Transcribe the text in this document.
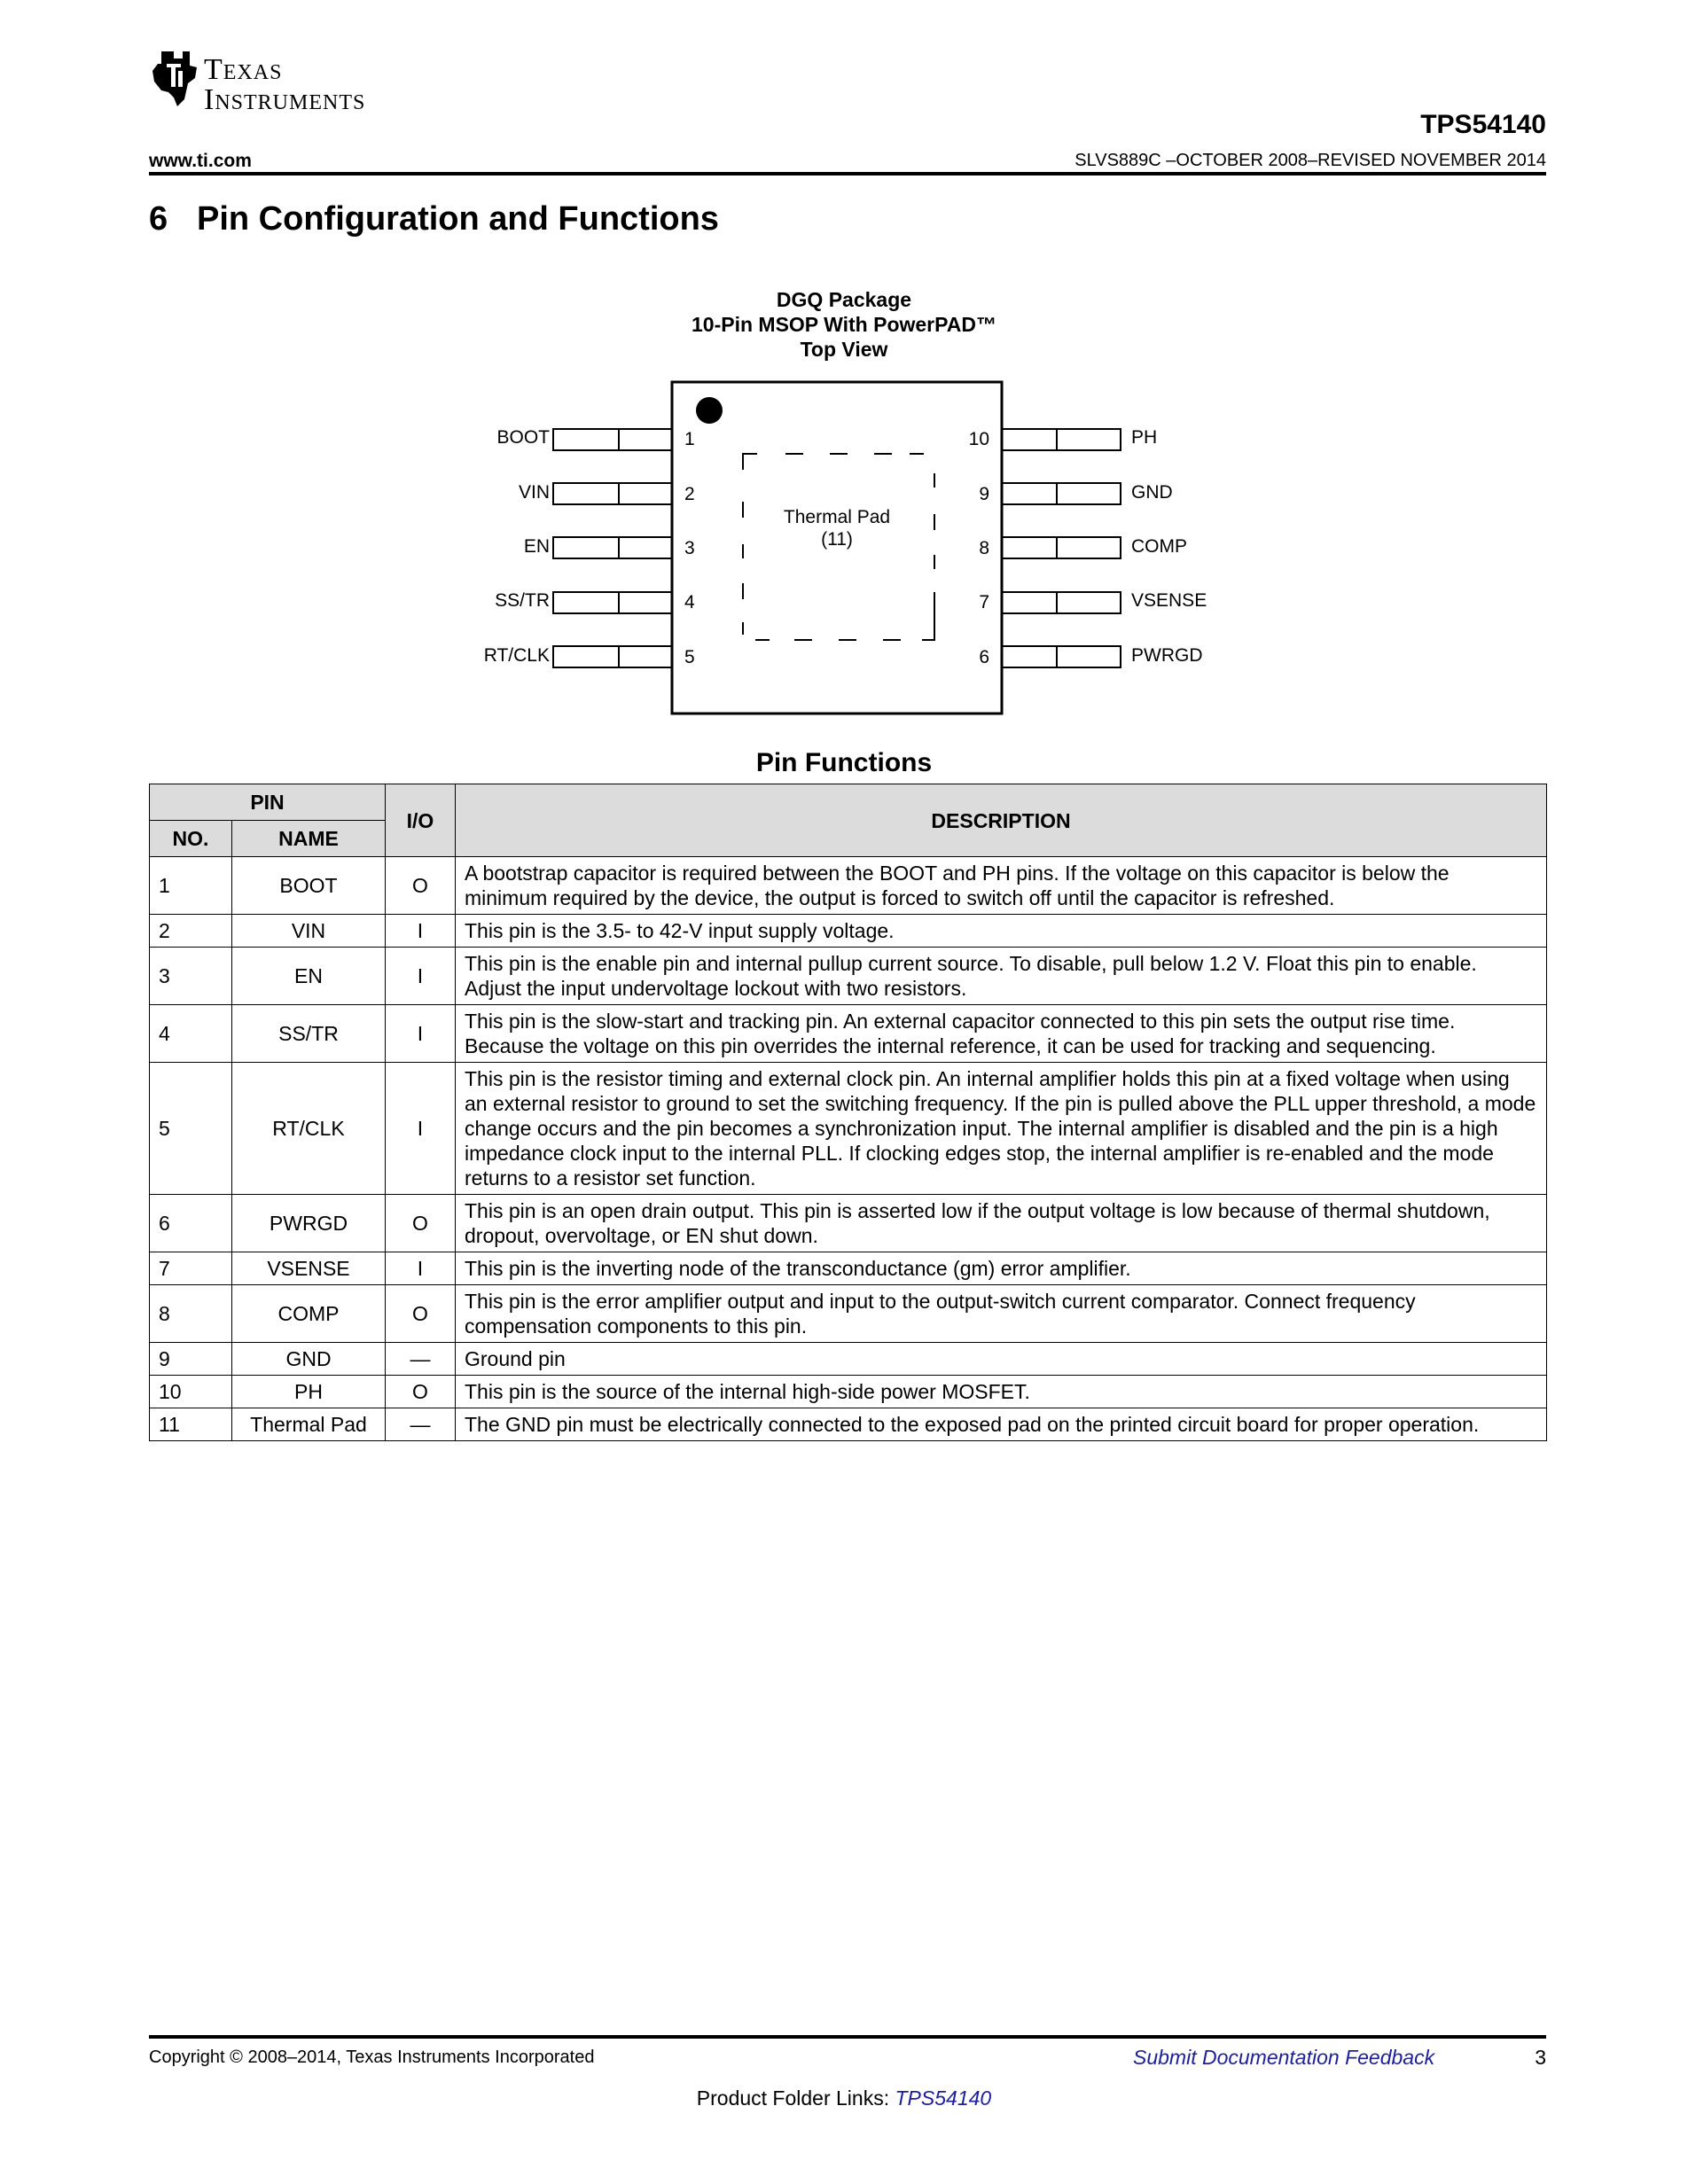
Texas
Instruments
TPS54140
www.ti.com	SLVS889C –OCTOBER 2008–REVISED NOVEMBER 2014
6 Pin Configuration and Functions
DGQ Package
10-Pin MSOP With PowerPAD™
Top View
Thermal Pad
(11)
BOOT	1
VIN	2
EN	3
SS/TR	4
RT/CLK	5
10	PH
9	GND
8	COMP
7	VSENSE
6	PWRGD
Pin Functions
PIN		I/O	DESCRIPTION
NO.	NAME		
1	BOOT	O	A bootstrap capacitor is required between the BOOT and PH pins. If the voltage on this capacitor is below the minimum required by the device, the output is forced to switch off until the capacitor is refreshed.
2	VIN	I	This pin is the 3.5- to 42-V input supply voltage.
3	EN	I	This pin is the enable pin and internal pullup current source. To disable, pull below 1.2 V. Float this pin to enable. Adjust the input undervoltage lockout with two resistors.
4	SS/TR	I	This pin is the slow-start and tracking pin. An external capacitor connected to this pin sets the output rise time. Because the voltage on this pin overrides the internal reference, it can be used for tracking and sequencing.
5	RT/CLK	I	This pin is the resistor timing and external clock pin. An internal amplifier holds this pin at a fixed voltage when using an external resistor to ground to set the switching frequency. If the pin is pulled above the PLL upper threshold, a mode change occurs and the pin becomes a synchronization input. The internal amplifier is disabled and the pin is a high impedance clock input to the internal PLL. If clocking edges stop, the internal amplifier is re-enabled and the mode returns to a resistor set function.
6	PWRGD	O	This pin is an open drain output. This pin is asserted low if the output voltage is low because of thermal shutdown, dropout, overvoltage, or EN shut down.
7	VSENSE	I	This pin is the inverting node of the transconductance (gm) error amplifier.
8	COMP	O	This pin is the error amplifier output and input to the output-switch current comparator. Connect frequency compensation components to this pin.
9	GND	—	Ground pin
10	PH	O	This pin is the source of the internal high-side power MOSFET.
11	Thermal Pad	—	The GND pin must be electrically connected to the exposed pad on the printed circuit board for proper operation.
Copyright © 2008–2014, Texas Instruments Incorporated	Submit Documentation Feedback	3
Product Folder Links: TPS54140
